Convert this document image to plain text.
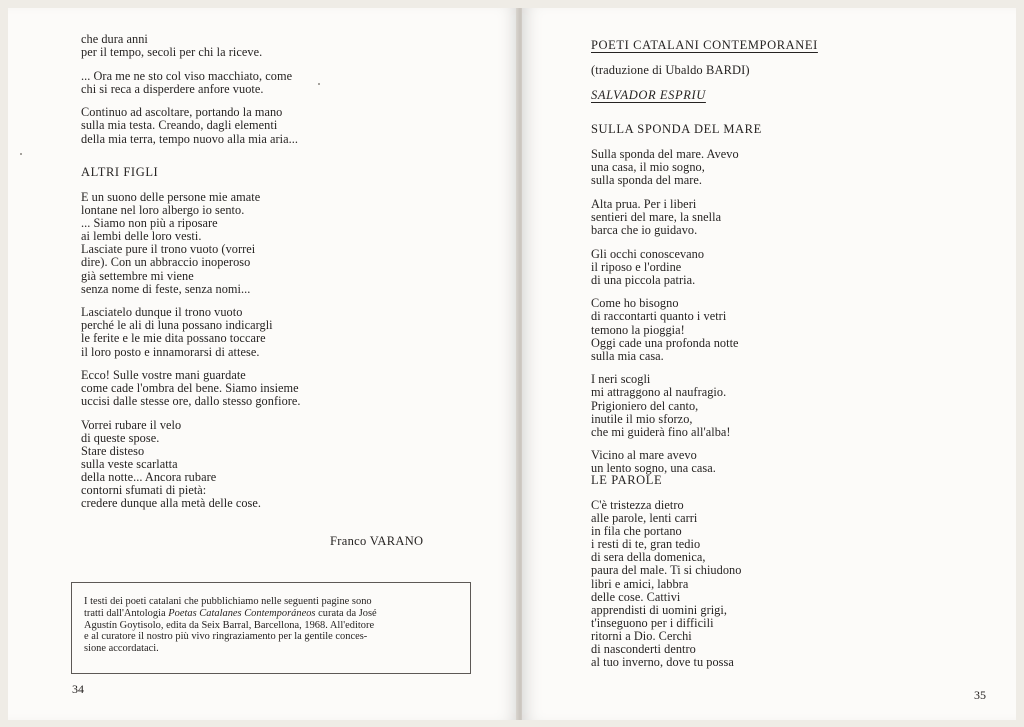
che dura anni
per il tempo, secoli per chi la riceve.
... Ora me ne sto col viso macchiato, come
chi si reca a disperdere anfore vuote.
Continuo ad ascoltare, portando la mano
sulla mia testa. Creando, dagli elementi
della mia terra, tempo nuovo alla mia aria...
ALTRI FIGLI
E un suono delle persone mie amate
lontane nel loro albergo io sento.
... Siamo non più a riposare
ai lembi delle loro vesti.
Lasciate pure il trono vuoto (vorrei
dire). Con un abbraccio inoperoso
già settembre mi viene
senza nome di feste, senza nomi...
Lasciatelo dunque il trono vuoto
perché le ali di luna possano indicargli
le ferite e le mie dita possano toccare
il loro posto e innamorarsi di attese.
Ecco! Sulle vostre mani guardate
come cade l'ombra del bene. Siamo insieme
uccisi dalle stesse ore, dallo stesso gonfiore.
Vorrei rubare il velo
di queste spose.
Stare disteso
sulla veste scarlatta
della notte... Ancora rubare
contorni sfumati di pietà:
credere dunque alla metà delle cose.
Franco VARANO
I testi dei poeti catalani che pubblichiamo nelle seguenti pagine sono
tratti dall'Antologia Poetas Catalanes Contemporáneos curata da José
Agustín Goytisolo, edita da Seix Barral, Barcellona, 1968. All'editore
e al curatore il nostro più vivo ringraziamento per la gentile conces-
sione accordataci.
34
POETI CATALANI CONTEMPORANEI
(traduzione di Ubaldo BARDI)
SALVADOR ESPRIU
SULLA SPONDA DEL MARE
Sulla sponda del mare. Avevo
una casa, il mio sogno,
sulla sponda del mare.
Alta prua. Per i liberi
sentieri del mare, la snella
barca che io guidavo.
Gli occhi conoscevano
il riposo e l'ordine
di una piccola patria.
Come ho bisogno
di raccontarti quanto i vetri
temono la pioggia!
Oggi cade una profonda notte
sulla mia casa.
I neri scogli
mi attraggono al naufragio.
Prigioniero del canto,
inutile il mio sforzo,
che mi guiderà fino all'alba!
Vicino al mare avevo
un lento sogno, una casa.
LE PAROLE
C'è tristezza dietro
alle parole, lenti carri
in fila che portano
i resti di te, gran tedio
di sera della domenica,
paura del male. Ti si chiudono
libri e amici, labbra
delle cose. Cattivi
apprendisti di uomini grigi,
t'inseguono per i difficili
ritorni a Dio. Cerchi
di nasconderti dentro
al tuo inverno, dove tu possa
35
